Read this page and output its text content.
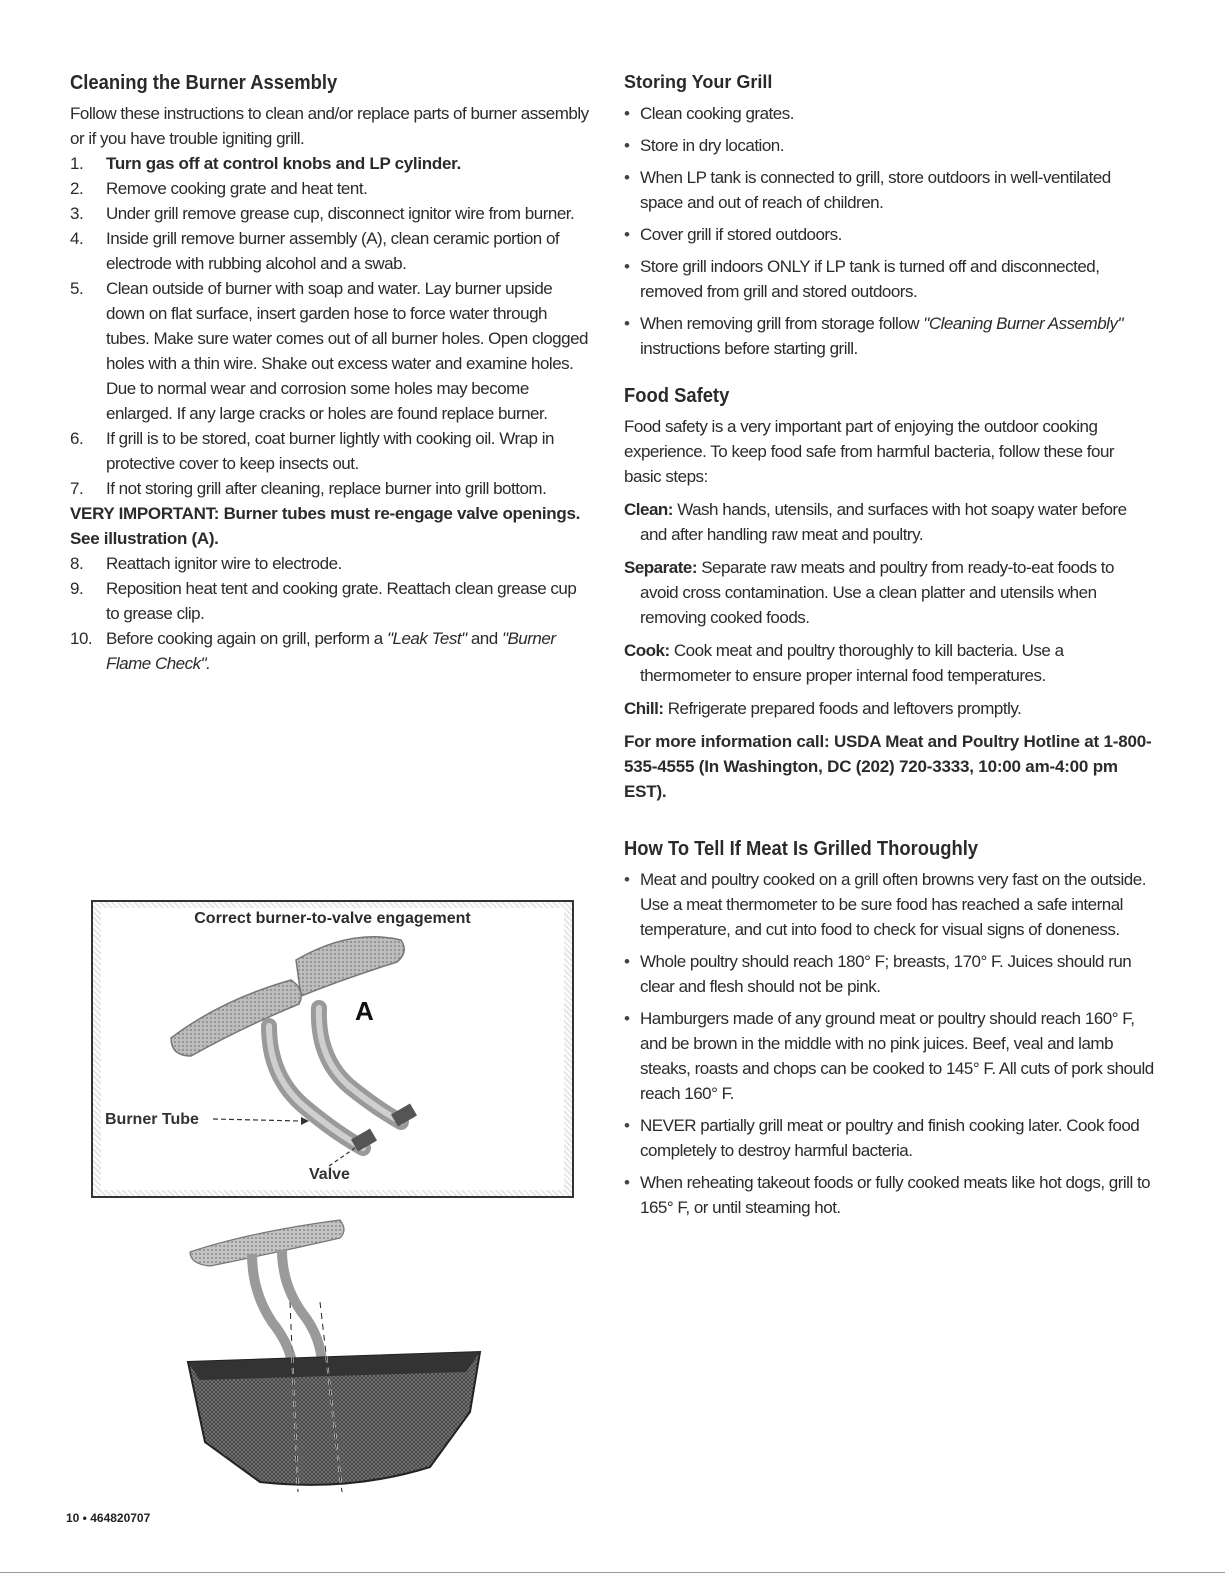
Cleaning the Burner Assembly

Follow these instructions to clean and/or replace parts of burner assembly or if you have trouble igniting grill.

1. Turn gas off at control knobs and LP cylinder.
2. Remove cooking grate and heat tent.
3. Under grill remove grease cup, disconnect ignitor wire from burner.
4. Inside grill remove burner assembly (A), clean ceramic portion of electrode with rubbing alcohol and a swab.
5. Clean outside of burner with soap and water. Lay burner upside down on flat surface, insert garden hose to force water through tubes. Make sure water comes out of all burner holes. Open clogged holes with a thin wire. Shake out excess water and examine holes. Due to normal wear and corrosion some holes may become enlarged. If any large cracks or holes are found replace burner.
6. If grill is to be stored, coat burner lightly with cooking oil. Wrap in protective cover to keep insects out.
7. If not storing grill after cleaning, replace burner into grill bottom.

VERY IMPORTANT: Burner tubes must re-engage valve openings. See illustration (A).

8. Reattach ignitor wire to electrode.
9. Reposition heat tent and cooking grate. Reattach clean grease cup to grease clip.
10. Before cooking again on grill, perform a "Leak Test" and "Burner Flame Check".
Correct burner-to-valve engagement
A
Burner Tube
Valve
Storing Your Grill
• Clean cooking grates.
• Store in dry location.
• When LP tank is connected to grill, store outdoors in well-ventilated space and out of reach of children.
• Cover grill if stored outdoors.
• Store grill indoors ONLY if LP tank is turned off and disconnected, removed from grill and stored outdoors.
• When removing grill from storage follow "Cleaning Burner Assembly" instructions before starting grill.
Food Safety

Food safety is a very important part of enjoying the outdoor cooking experience. To keep food safe from harmful bacteria, follow these four basic steps:

Clean: Wash hands, utensils, and surfaces with hot soapy water before and after handling raw meat and poultry.

Separate: Separate raw meats and poultry from ready-to-eat foods to avoid cross contamination. Use a clean platter and utensils when removing cooked foods.

Cook: Cook meat and poultry thoroughly to kill bacteria. Use a thermometer to ensure proper internal food temperatures.

Chill: Refrigerate prepared foods and leftovers promptly.

For more information call: USDA Meat and Poultry Hotline at 1-800-535-4555 (In Washington, DC (202) 720-3333, 10:00 am-4:00 pm EST).

How To Tell If Meat Is Grilled Thoroughly
• Meat and poultry cooked on a grill often browns very fast on the outside. Use a meat thermometer to be sure food has reached a safe internal temperature, and cut into food to check for visual signs of doneness.
• Whole poultry should reach 180° F; breasts, 170° F. Juices should run clear and flesh should not be pink.
• Hamburgers made of any ground meat or poultry should reach 160° F, and be brown in the middle with no pink juices. Beef, veal and lamb steaks, roasts and chops can be cooked to 145° F. All cuts of pork should reach 160° F.
• NEVER partially grill meat or poultry and finish cooking later. Cook food completely to destroy harmful bacteria.
• When reheating takeout foods or fully cooked meats like hot dogs, grill to 165° F, or until steaming hot.
10 • 464820707
